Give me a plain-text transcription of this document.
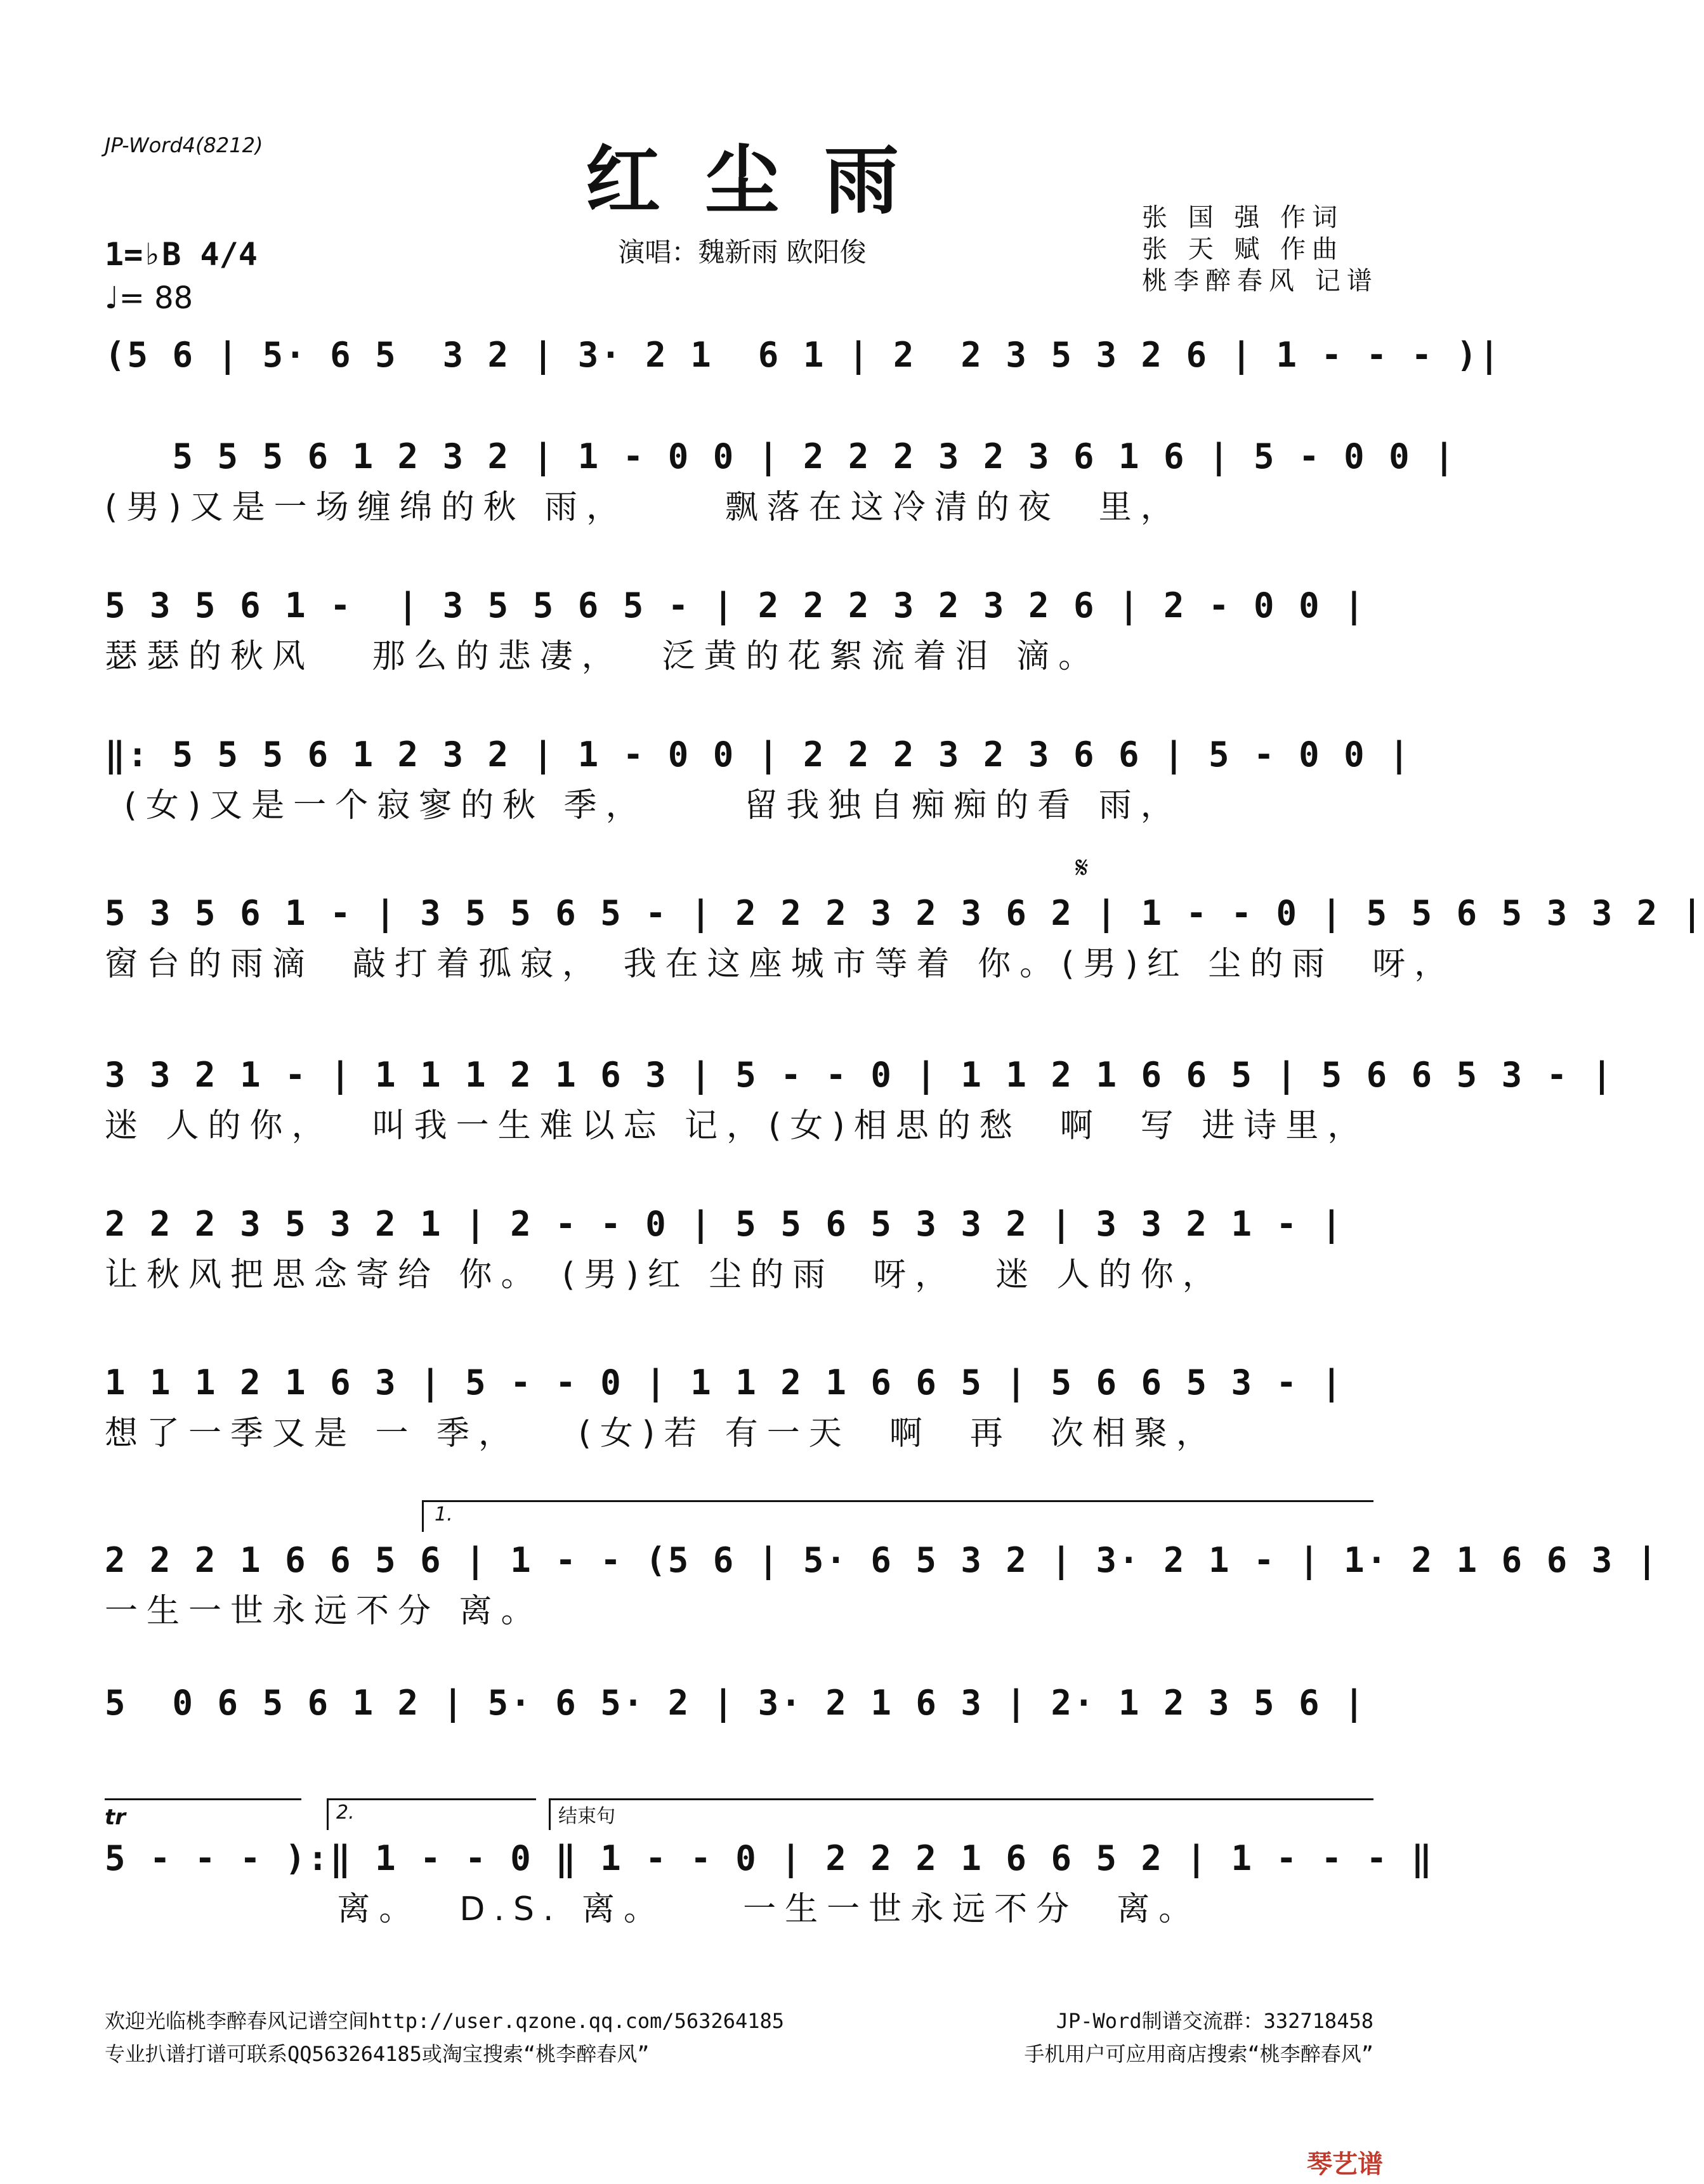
JP-Word4(8212)	红尘雨
演唱：魏新雨 欧阳俊
张 国 强 作词
张 天 赋 作曲
桃李醉春风 记谱
1=♭B 4/4
♩= 88
(5 6 | 5· 6 5  3 2 | 3· 2 1  6 1 | 2  2 3 5 3 2 6 | 1 - - - )|
5 5 5 6 1 2 3 2 | 1 - 0 0 | 2 2 2 3 2 3 6 1 6 | 5 - 0 0 |
(男)又是一场缠绵的秋 雨，     飘落在这冷清的夜  里，
5 3 5 6 1 -  | 3 5 5 6 5 - | 2 2 2 3 2 3 2 6 | 2 - 0 0 |
瑟瑟的秋风   那么的悲凄，  泛黄的花絮流着泪 滴。
‖: 5 5 5 6 1 2 3 2 | 1 - 0 0 | 2 2 2 3 2 3 6 6 | 5 - 0 0 |
(女)又是一个寂寥的秋 季，     留我独自痴痴的看 雨，
𝄋
5 3 5 6 1 - | 3 5 5 6 5 - | 2 2 2 3 2 3 6 2 | 1 - - 0 | 5 5 6 5 3 3 2 |
窗台的雨滴  敲打着孤寂， 我在这座城市等着 你。(男)红 尘的雨  呀，
3 3 2 1 - | 1 1 1 2 1 6 3 | 5 - - 0 | 1 1 2 1 6 6 5 | 5 6 6 5 3 - |
迷 人的你，  叫我一生难以忘 记，(女)相思的愁  啊  写 进诗里，
2 2 2 3 5 3 2 1 | 2 - - 0 | 5 5 6 5 3 3 2 | 3 3 2 1 - |
让秋风把思念寄给 你。 (男)红 尘的雨  呀，  迷 人的你，
1 1 1 2 1 6 3 | 5 - - 0 | 1 1 2 1 6 6 5 | 5 6 6 5 3 - |
想了一季又是 一 季，   (女)若 有一天  啊  再  次相聚，
1.
2 2 2 1 6 6 5 6 | 1 - - (5 6 | 5· 6 5 3 2 | 3· 2 1 - | 1· 2 1 6 6 3 |
一生一世永远不分 离。
5  0 6 5 6 1 2 | 5· 6 5· 2 | 3· 2 1 6 3 | 2· 1 2 3 5 6 |
tr	2.	结束句
5 - - - ):‖ 1 - - 0 ‖ 1 - - 0 | 2 2 2 1 6 6 5 2 | 1 - - - ‖
离。  D.S. 离。    一生一世永远不分  离。
欢迎光临桃李醉春风记谱空间http://user.qzone.qq.com/563264185	JP-Word制谱交流群：332718458
专业扒谱打谱可联系QQ563264185或淘宝搜索“桃李醉春风”	手机用户可应用商店搜索“桃李醉春风”
琴艺谱
